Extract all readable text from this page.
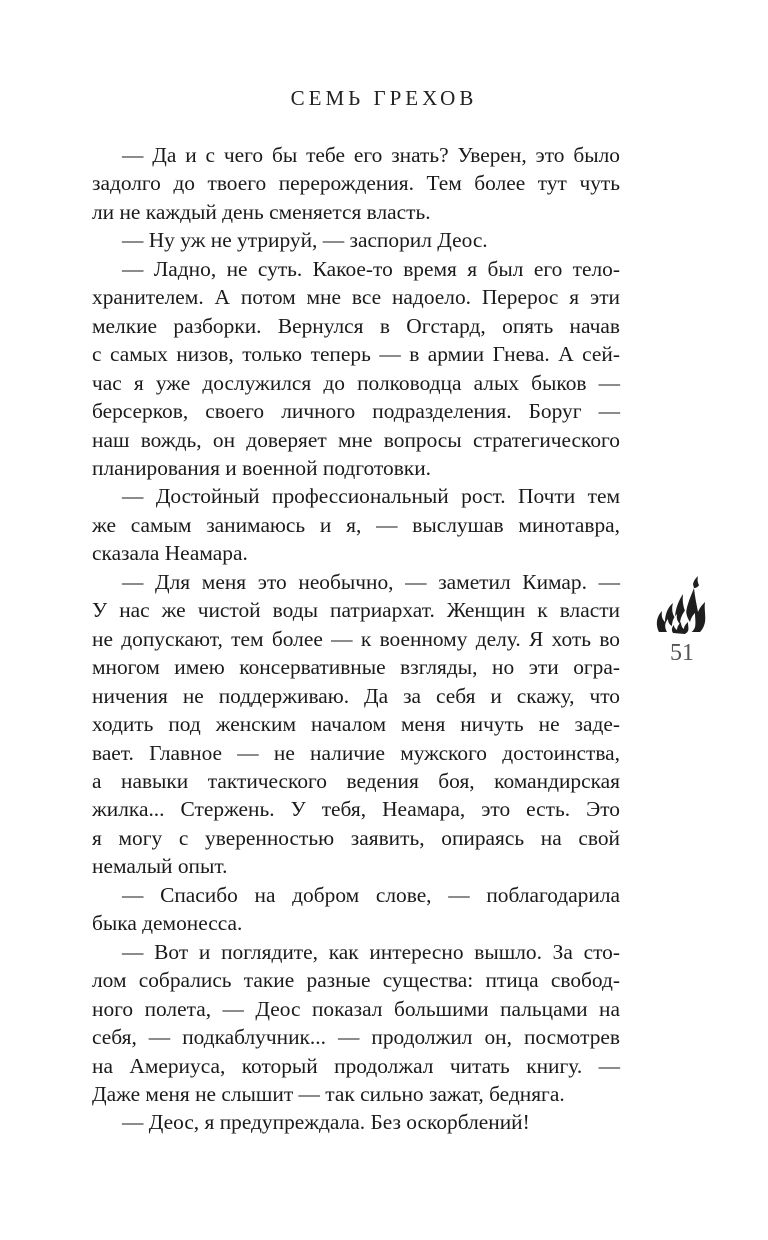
СЕМЬ ГРЕХОВ
— Да и с чего бы тебе его знать? Уверен, это было
задолго до твоего перерождения. Тем более тут чуть
ли не каждый день сменяется власть.
— Ну уж не утрируй, — заспорил Деос.
— Ладно, не суть. Какое-то время я был его тело-
хранителем. А потом мне все надоело. Перерос я эти
мелкие разборки. Вернулся в Огстард, опять начав
с самых низов, только теперь — в армии Гнева. А сей-
час я уже дослужился до полководца алых быков —
берсерков, своего личного подразделения. Боруг —
наш вождь, он доверяет мне вопросы стратегического
планирования и военной подготовки.
— Достойный профессиональный рост. Почти тем
же самым занимаюсь и я, — выслушав минотавра,
сказала Неамара.
— Для меня это необычно, — заметил Кимар. —
У нас же чистой воды патриархат. Женщин к власти
не допускают, тем более — к военному делу. Я хоть во
многом имею консервативные взгляды, но эти огра-
ничения не поддерживаю. Да за себя и скажу, что
ходить под женским началом меня ничуть не заде-
вает. Главное — не наличие мужского достоинства,
а навыки тактического ведения боя, командирская
жилка... Стержень. У тебя, Неамара, это есть. Это
я могу с уверенностью заявить, опираясь на свой
немалый опыт.
— Спасибо на добром слове, — поблагодарила
быка демонесса.
— Вот и поглядите, как интересно вышло. За сто-
лом собрались такие разные существа: птица свобод-
ного полета, — Деос показал большими пальцами на
себя, — подкаблучник... — продолжил он, посмотрев
на Америуса, который продолжал читать книгу. —
Даже меня не слышит — так сильно зажат, бедняга.
— Деос, я предупреждала. Без оскорблений!
51
